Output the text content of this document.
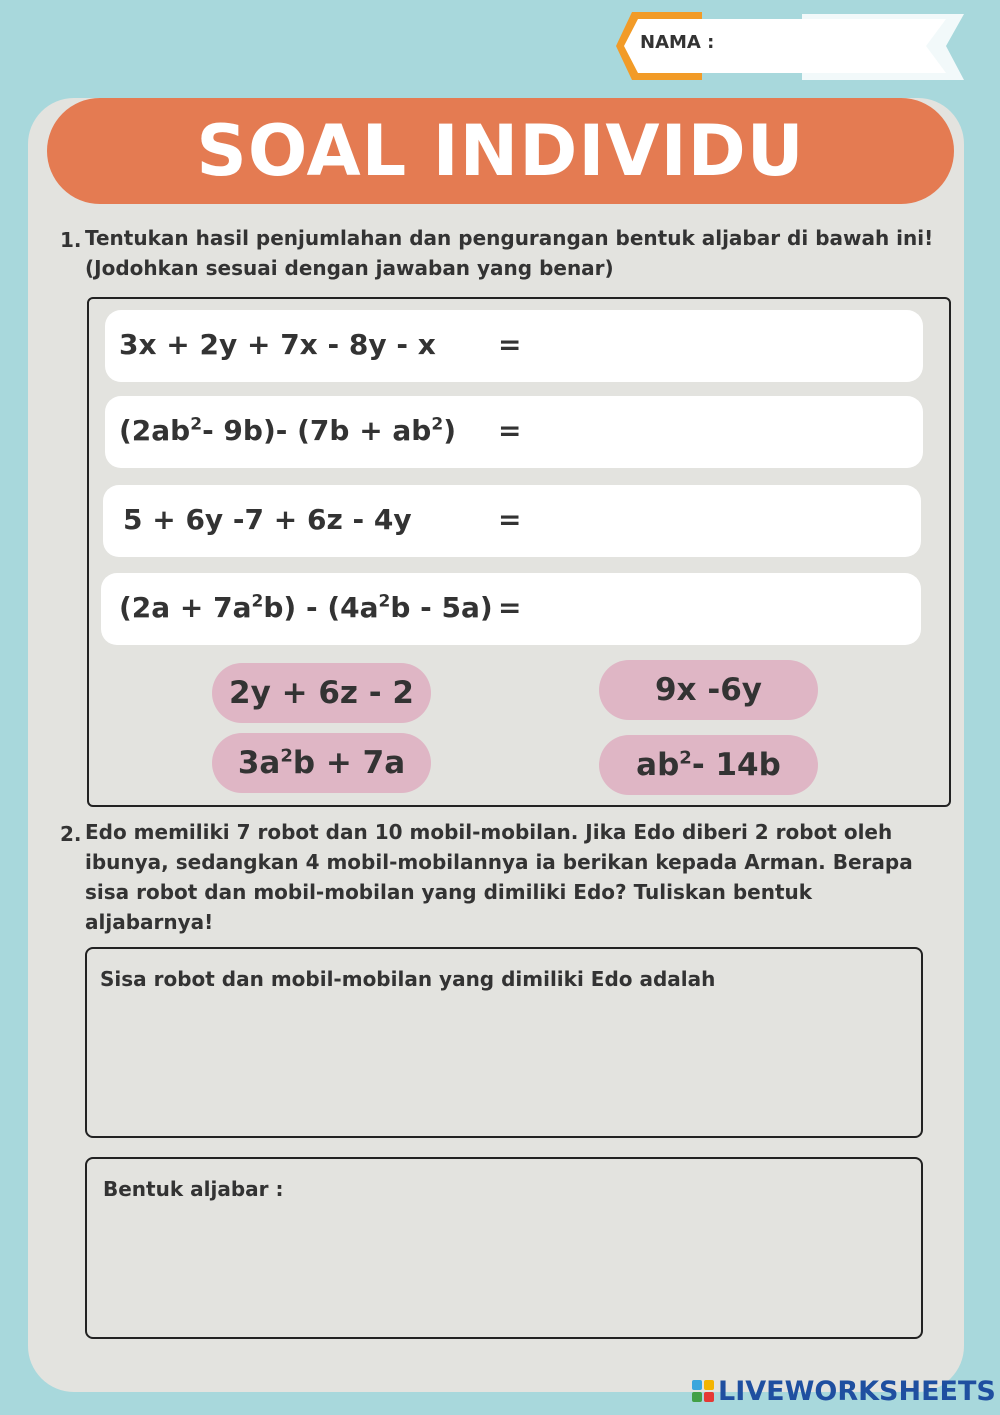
NAMA :
SOAL INDIVIDU
1. Tentukan hasil penjumlahan dan pengurangan bentuk aljabar di bawah ini!
(Jodohkan sesuai dengan jawaban yang benar)
3x + 2y + 7x - 8y - x =
($2ab^2-$ 9b)- $(7b + ab^2)$ =
5 + 6y -7 + 6z - 4y	=
$(2a + 7a^2b) - (4a^2b - 5a)$ =
2y + 6z - 2	9x -6y
$3a^2b + 7a$	$ab^2-$ 14b
2. Edo memiliki 7 robot dan 10 mobil-mobilan. Jika Edo diberi 2 robot oleh
ibunya, sedangkan 4 mobil-mobilannya ia berikan kepada Arman. Berapa
sisa robot dan mobil-mobilan yang dimiliki Edo? Tuliskan bentuk
aljabarnya!
Sisa robot dan mobil-mobilan yang dimiliki Edo adalah
Bentuk aljabar :
LIVEWORKSHEETS
